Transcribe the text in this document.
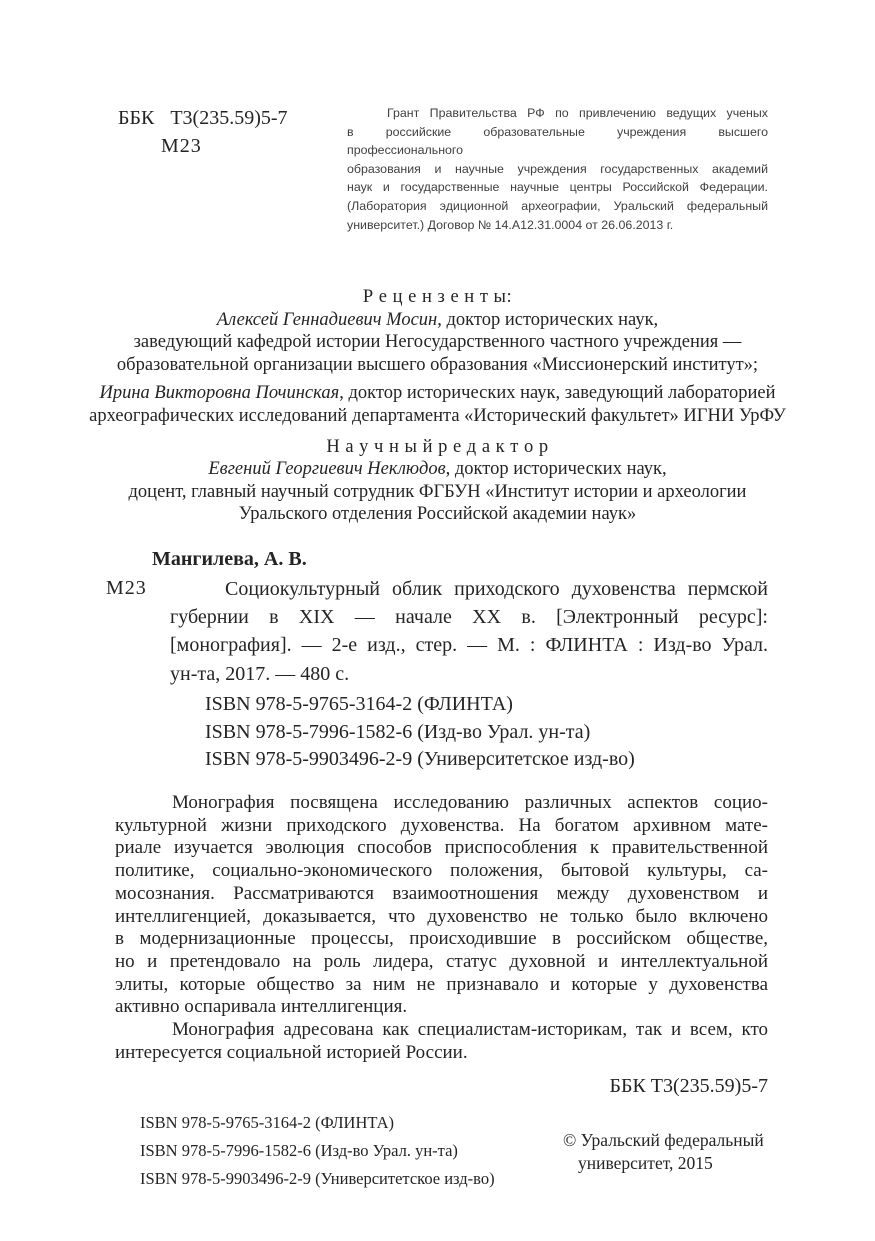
ББК Т3(235.59)5-7
М23
Грант Правительства РФ по привлечению ведущих ученых
в российские образовательные учреждения высшего профессионального
образования и научные учреждения государственных академий
наук и государственные научные центры Российской Федерации.
(Лаборатория эдиционной археографии, Уральский федеральный
университет.) Договор № 14.А12.31.0004 от 26.06.2013 г.
Р е ц е н з е н т ы:
Алексей Геннадиевич Мосин, доктор исторических наук,
заведующий кафедрой истории Негосударственного частного учреждения —
образовательной организации высшего образования «Миссионерский институт»;
Ирина Викторовна Починская, доктор исторических наук, заведующий лабораторией
археографических исследований департамента «Исторический факультет» ИГНИ УрФУ
Н а у ч н ы й р е д а к т о р
Евгений Георгиевич Неклюдов, доктор исторических наук,
доцент, главный научный сотрудник ФГБУН «Институт истории и археологии
Уральского отделения Российской академии наук»
Мангилева, А. В.
М23	Социокультурный облик приходского духовенства пермской
губернии в XIX — начале XX в. [Электронный ресурс]:
[монография]. — 2-е изд., стер. — М. : ФЛИНТА : Изд-во Урал.
ун-та, 2017. — 480 с.
ISBN 978-5-9765-3164-2 (ФЛИНТА)
ISBN 978-5-7996-1582-6 (Изд-во Урал. ун-та)
ISBN 978-5-9903496-2-9 (Университетское изд-во)
Монография посвящена исследованию различных аспектов социо-
культурной жизни приходского духовенства. На богатом архивном мате-
риале изучается эволюция способов приспособления к правительственной
политике, социально-экономического положения, бытовой культуры, са-
мосознания. Рассматриваются взаимоотношения между духовенством и
интеллигенцией, доказывается, что духовенство не только было включено
в модернизационные процессы, происходившие в российском обществе,
но и претендовало на роль лидера, статус духовной и интеллектуальной
элиты, которые общество за ним не признавало и которые у духовенства
активно оспаривала интеллигенция.
Монография адресована как специалистам-историкам, так и всем, кто
интересуется социальной историей России.
ББК Т3(235.59)5-7
ISBN 978-5-9765-3164-2 (ФЛИНТА)
ISBN 978-5-7996-1582-6 (Изд-во Урал. ун-та)
ISBN 978-5-9903496-2-9 (Университетское изд-во)
© Уральский федеральный
университет, 2015
